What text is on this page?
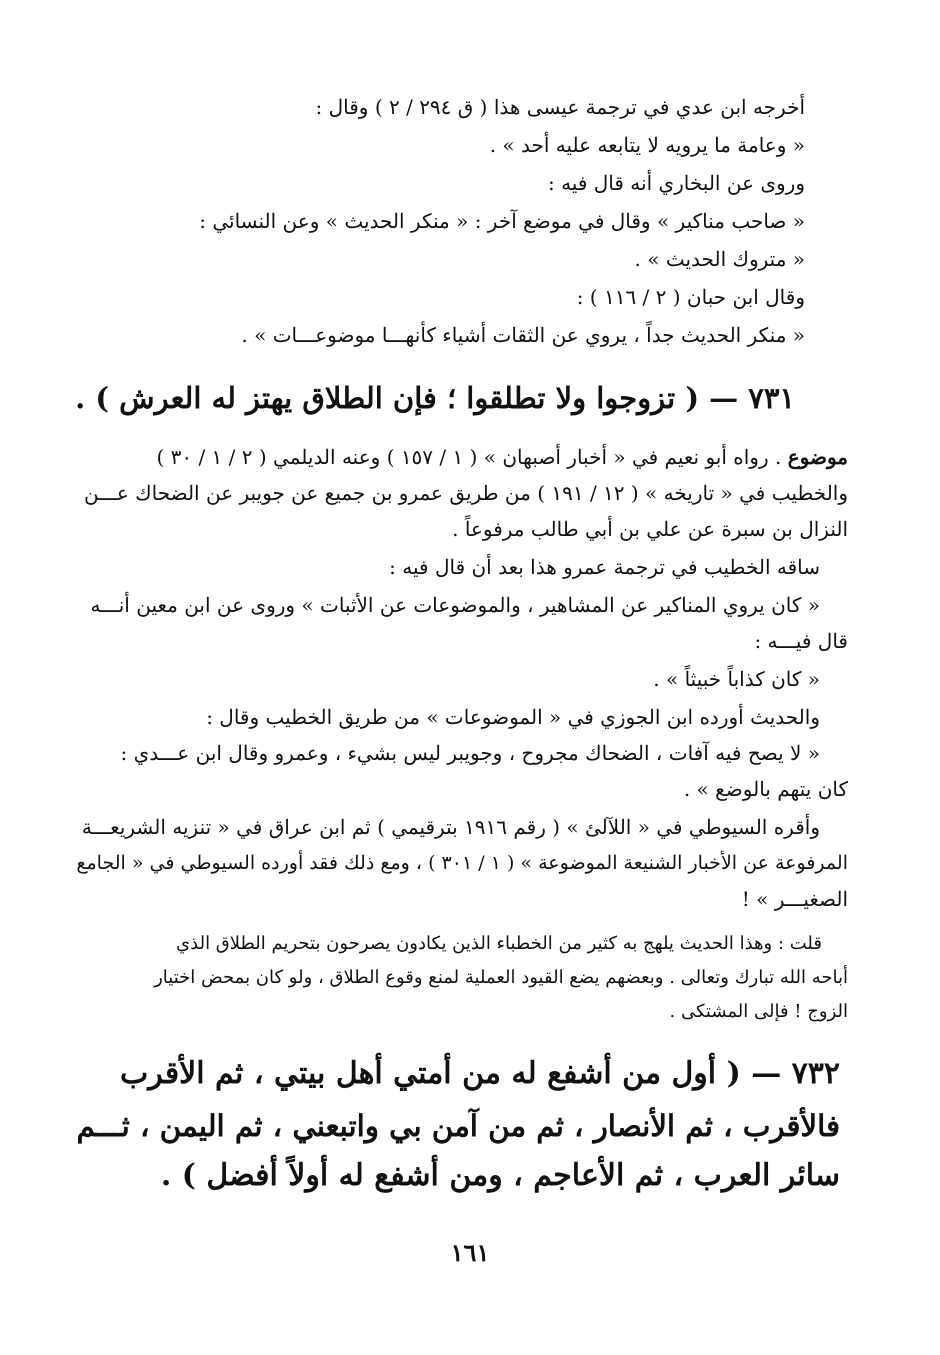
أخرجه ابن عدي في ترجمة عيسى هذا ( ق ٢٩٤ / ٢ ) وقال :
« وعامة ما يرويه لا يتابعه عليه أحد » .
وروى عن البخاري أنه قال فيه :
« صاحب مناكير » وقال في موضع آخر : « منكر الحديث » وعن النسائي :
« متروك الحديث » .
وقال ابن حبان ( ٢ / ١١٦ ) :
« منكر الحديث جداً ، يروي عن الثقات أشياء كأنهـــا موضوعـــات » .
٧٣١ — ( تزوجوا ولا تطلقوا ؛ فإن الطلاق يهتز له العرش ) .
موضوع . رواه أبو نعيم في « أخبار أصبهان » ( ١ / ١٥٧ ) وعنه الديلمي ( ٢ / ١ / ٣٠ )
والخطيب في « تاريخه » ( ١٢ / ١٩١ ) من طريق عمرو بن جميع عن جويبر عن الضحاك عـــن
النزال بن سبرة عن علي بن أبي طالب مرفوعاً .
ساقه الخطيب في ترجمة عمرو هذا بعد أن قال فيه :
« كان يروي المناكير عن المشاهير ، والموضوعات عن الأثبات » وروى عن ابن معين أنـــه
قال فيـــه :
« كان كذاباً خبيثاً » .
والحديث أورده ابن الجوزي في « الموضوعات » من طريق الخطيب وقال :
« لا يصح فيه آفات ، الضحاك مجروح ، وجويبر ليس بشيء ، وعمرو وقال ابن عـــدي :
كان يتهم بالوضع » .
وأقره السيوطي في « اللآلئ » ( رقم ١٩١٦ بترقيمي ) ثم ابن عراق في « تنزيه الشريعـــة
المرفوعة عن الأخبار الشنيعة الموضوعة » ( ١ / ٣٠١ ) ، ومع ذلك فقد أورده السيوطي في « الجامع
الصغيـــر » !
قلت : وهذا الحديث يلهج به كثير من الخطباء الذين يكادون يصرحون بتحريم الطلاق الذي
أباحه الله تبارك وتعالى . وبعضهم يضع القيود العملية لمنع وقوع الطلاق ، ولو كان بمحض اختيار
الزوج ! فإلى المشتكى .
٧٣٢ — ( أول من أشفع له من أمتي أهل بيتي ، ثم الأقرب
فالأقرب ، ثم الأنصار ، ثم من آمن بي واتبعني ، ثم اليمن ، ثـــم
سائر العرب ، ثم الأعاجم ، ومن أشفع له أولاً أفضل ) .
١٦١
